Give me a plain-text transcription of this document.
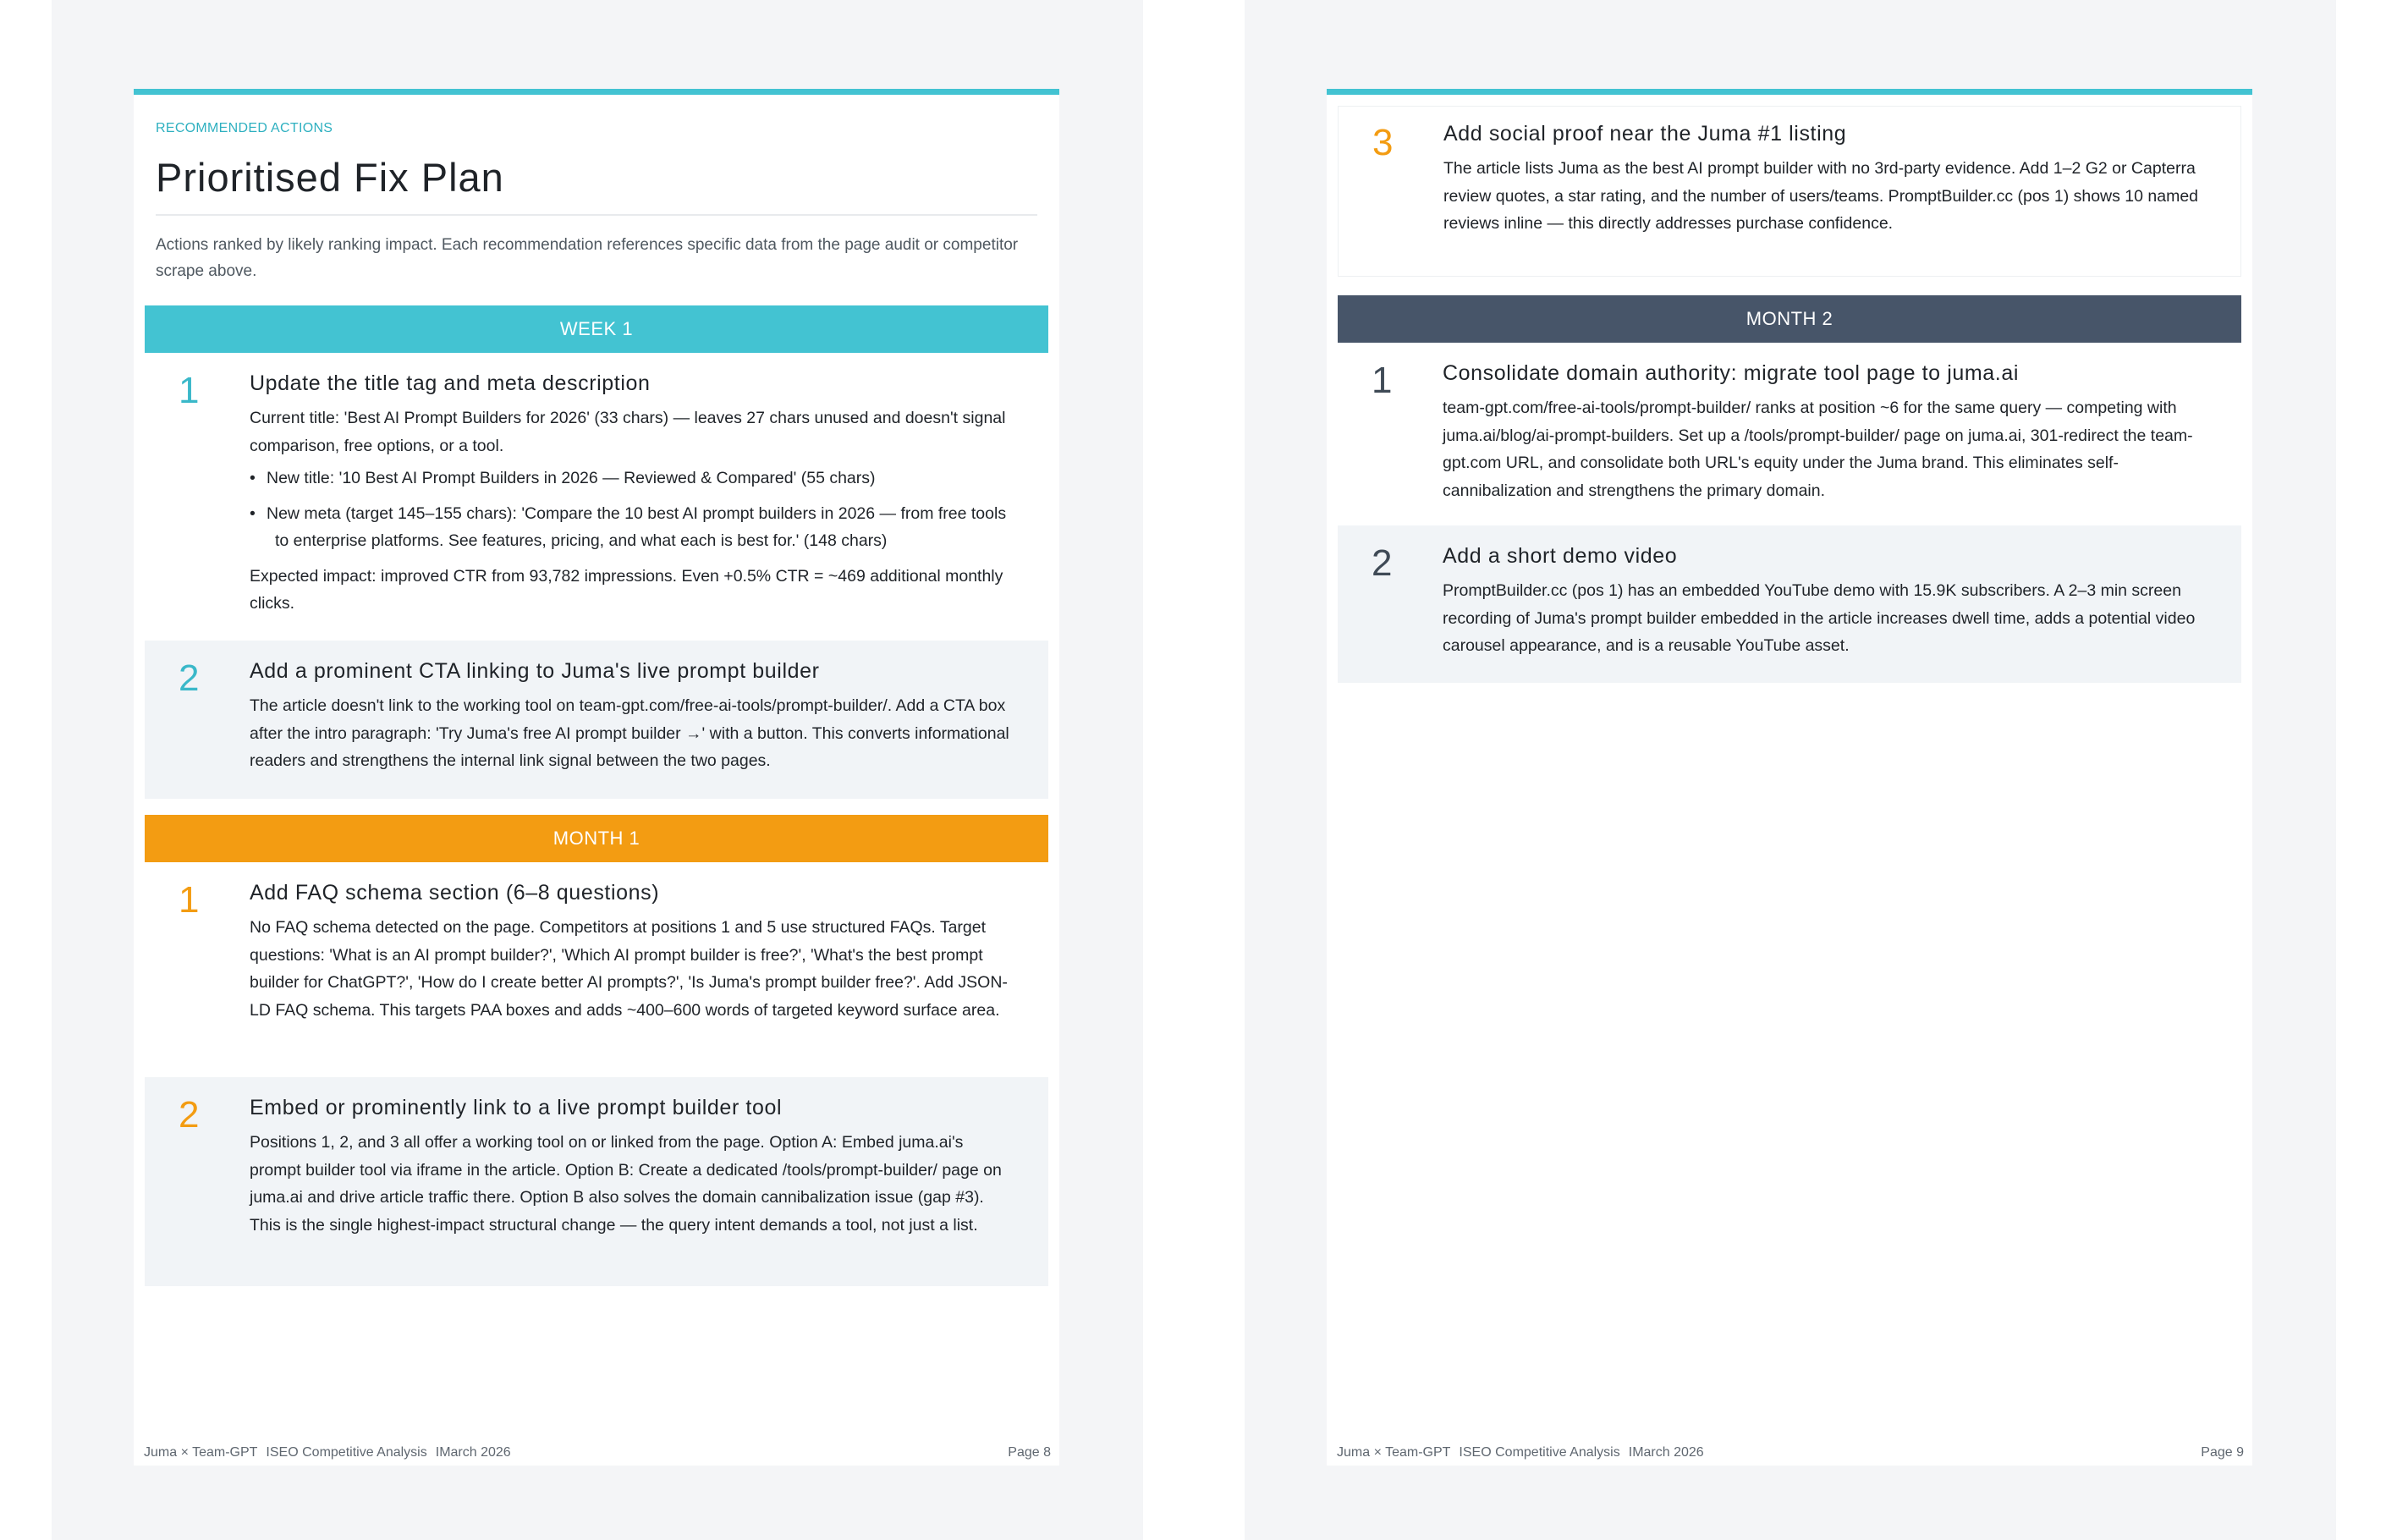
RECOMMENDED ACTIONS
Prioritised Fix Plan
Actions ranked by likely ranking impact. Each recommendation references specific data from the page audit or competitor scrape above.
WEEK 1
1 Update the title tag and meta description

Current title: 'Best AI Prompt Builders for 2026' (33 chars) — leaves 27 chars unused and doesn't signal comparison, free options, or a tool.

• New title: '10 Best AI Prompt Builders in 2026 — Reviewed & Compared' (55 chars)
• New meta (target 145–155 chars): 'Compare the 10 best AI prompt builders in 2026 — from free tools to enterprise platforms. See features, pricing, and what each is best for.' (148 chars)

Expected impact: improved CTR from 93,782 impressions. Even +0.5% CTR = ~469 additional monthly clicks.

2 Add a prominent CTA linking to Juma's live prompt builder

The article doesn't link to the working tool on team-gpt.com/free-ai-tools/prompt-builder/. Add a CTA box after the intro paragraph: 'Try Juma's free AI prompt builder →' with a button. This converts informational readers and strengthens the internal link signal between the two pages.

MONTH 1
1 Add FAQ schema section (6–8 questions)

No FAQ schema detected on the page. Competitors at positions 1 and 5 use structured FAQs. Target questions: 'What is an AI prompt builder?', 'Which AI prompt builder is free?', 'What's the best prompt builder for ChatGPT?', 'How do I create better AI prompts?', 'Is Juma's prompt builder free?'. Add JSON-LD FAQ schema. This targets PAA boxes and adds ~400–600 words of targeted keyword surface area.

2 Embed or prominently link to a live prompt builder tool

Positions 1, 2, and 3 all offer a working tool on or linked from the page. Option A: Embed juma.ai's prompt builder tool via iframe in the article. Option B: Create a dedicated /tools/prompt-builder/ page on juma.ai and drive article traffic there. Option B also solves the domain cannibalization issue (gap #3). This is the single highest-impact structural change — the query intent demands a tool, not just a list.

Juma × Team-GPT ISEO Competitive Analysis IMarch 2026	Page 8
3 Add social proof near the Juma #1 listing

The article lists Juma as the best AI prompt builder with no 3rd-party evidence. Add 1–2 G2 or Capterra review quotes, a star rating, and the number of users/teams. PromptBuilder.cc (pos 1) shows 10 named reviews inline — this directly addresses purchase confidence.

MONTH 2
1 Consolidate domain authority: migrate tool page to juma.ai

team-gpt.com/free-ai-tools/prompt-builder/ ranks at position ~6 for the same query — competing with juma.ai/blog/ai-prompt-builders. Set up a /tools/prompt-builder/ page on juma.ai, 301-redirect the team-gpt.com URL, and consolidate both URL's equity under the Juma brand. This eliminates self-cannibalization and strengthens the primary domain.

2 Add a short demo video

PromptBuilder.cc (pos 1) has an embedded YouTube demo with 15.9K subscribers. A 2–3 min screen recording of Juma's prompt builder embedded in the article increases dwell time, adds a potential video carousel appearance, and is a reusable YouTube asset.

Juma × Team-GPT ISEO Competitive Analysis IMarch 2026	Page 9
